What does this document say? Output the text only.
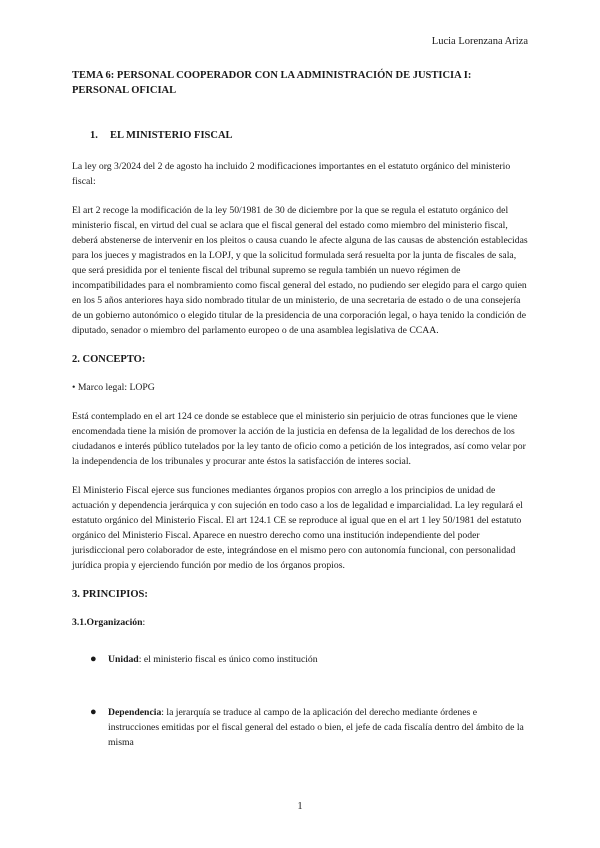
Lucia Lorenzana Ariza
TEMA 6: PERSONAL COOPERADOR CON LA ADMINISTRACIÓN DE JUSTICIA I: PERSONAL OFICIAL
1. EL MINISTERIO FISCAL

La ley org 3/2024 del 2 de agosto ha incluido 2 modificaciones importantes en el estatuto orgánico del ministerio fiscal:

El art 2 recoge la modificación de la ley 50/1981 de 30 de diciembre por la que se regula el estatuto orgánico del ministerio fiscal, en virtud del cual se aclara que el fiscal general del estado como miembro del ministerio fiscal, deberá abstenerse de intervenir en los pleitos o causa cuando le afecte alguna de las causas de abstención establecidas para los jueces y magistrados en la LOPJ, y que la solicitud formulada será resuelta por la junta de fiscales de sala, que será presidida por el teniente fiscal del tribunal supremo se regula también un nuevo régimen de incompatibilidades para el nombramiento como fiscal general del estado, no pudiendo ser elegido para el cargo quien en los 5 años anteriores haya sido nombrado titular de un ministerio, de una secretaria de estado o de una consejería de un gobierno autonómico o elegido titular de la presidencia de una corporación legal, o haya tenido la condición de diputado, senador o miembro del parlamento europeo o de una asamblea legislativa de CCAA.

2. CONCEPTO:

• Marco legal: LOPG

Está contemplado en el art 124 ce donde se establece que el ministerio sin perjuicio de otras funciones que le viene encomendada tiene la misión de promover la acción de la justicia en defensa de la legalidad de los derechos de los ciudadanos e interés público tutelados por la ley tanto de oficio como a petición de los integrados, así como velar por la independencia de los tribunales y procurar ante éstos la satisfacción de interes social.

El Ministerio Fiscal ejerce sus funciones mediantes órganos propios con arreglo a los principios de unidad de actuación y dependencia jerárquica y con sujeción en todo caso a los de legalidad e imparcialidad. La ley regulará el estatuto orgánico del Ministerio Fiscal. El art 124.1 CE se reproduce al igual que en el art 1 ley 50/1981 del estatuto orgánico del Ministerio Fiscal. Aparece en nuestro derecho como una institución independiente del poder jurisdiccional pero colaborador de este, integrándose en el mismo pero con autonomía funcional, con personalidad jurídica propia y ejerciendo función por medio de los órganos propios.

3. PRINCIPIOS:
3.1.Organización:
● Unidad: el ministerio fiscal es único como institución
● Dependencia: la jerarquía se traduce al campo de la aplicación del derecho mediante órdenes e instrucciones emitidas por el fiscal general del estado o bien, el jefe de cada fiscalía dentro del ámbito de la misma
1
